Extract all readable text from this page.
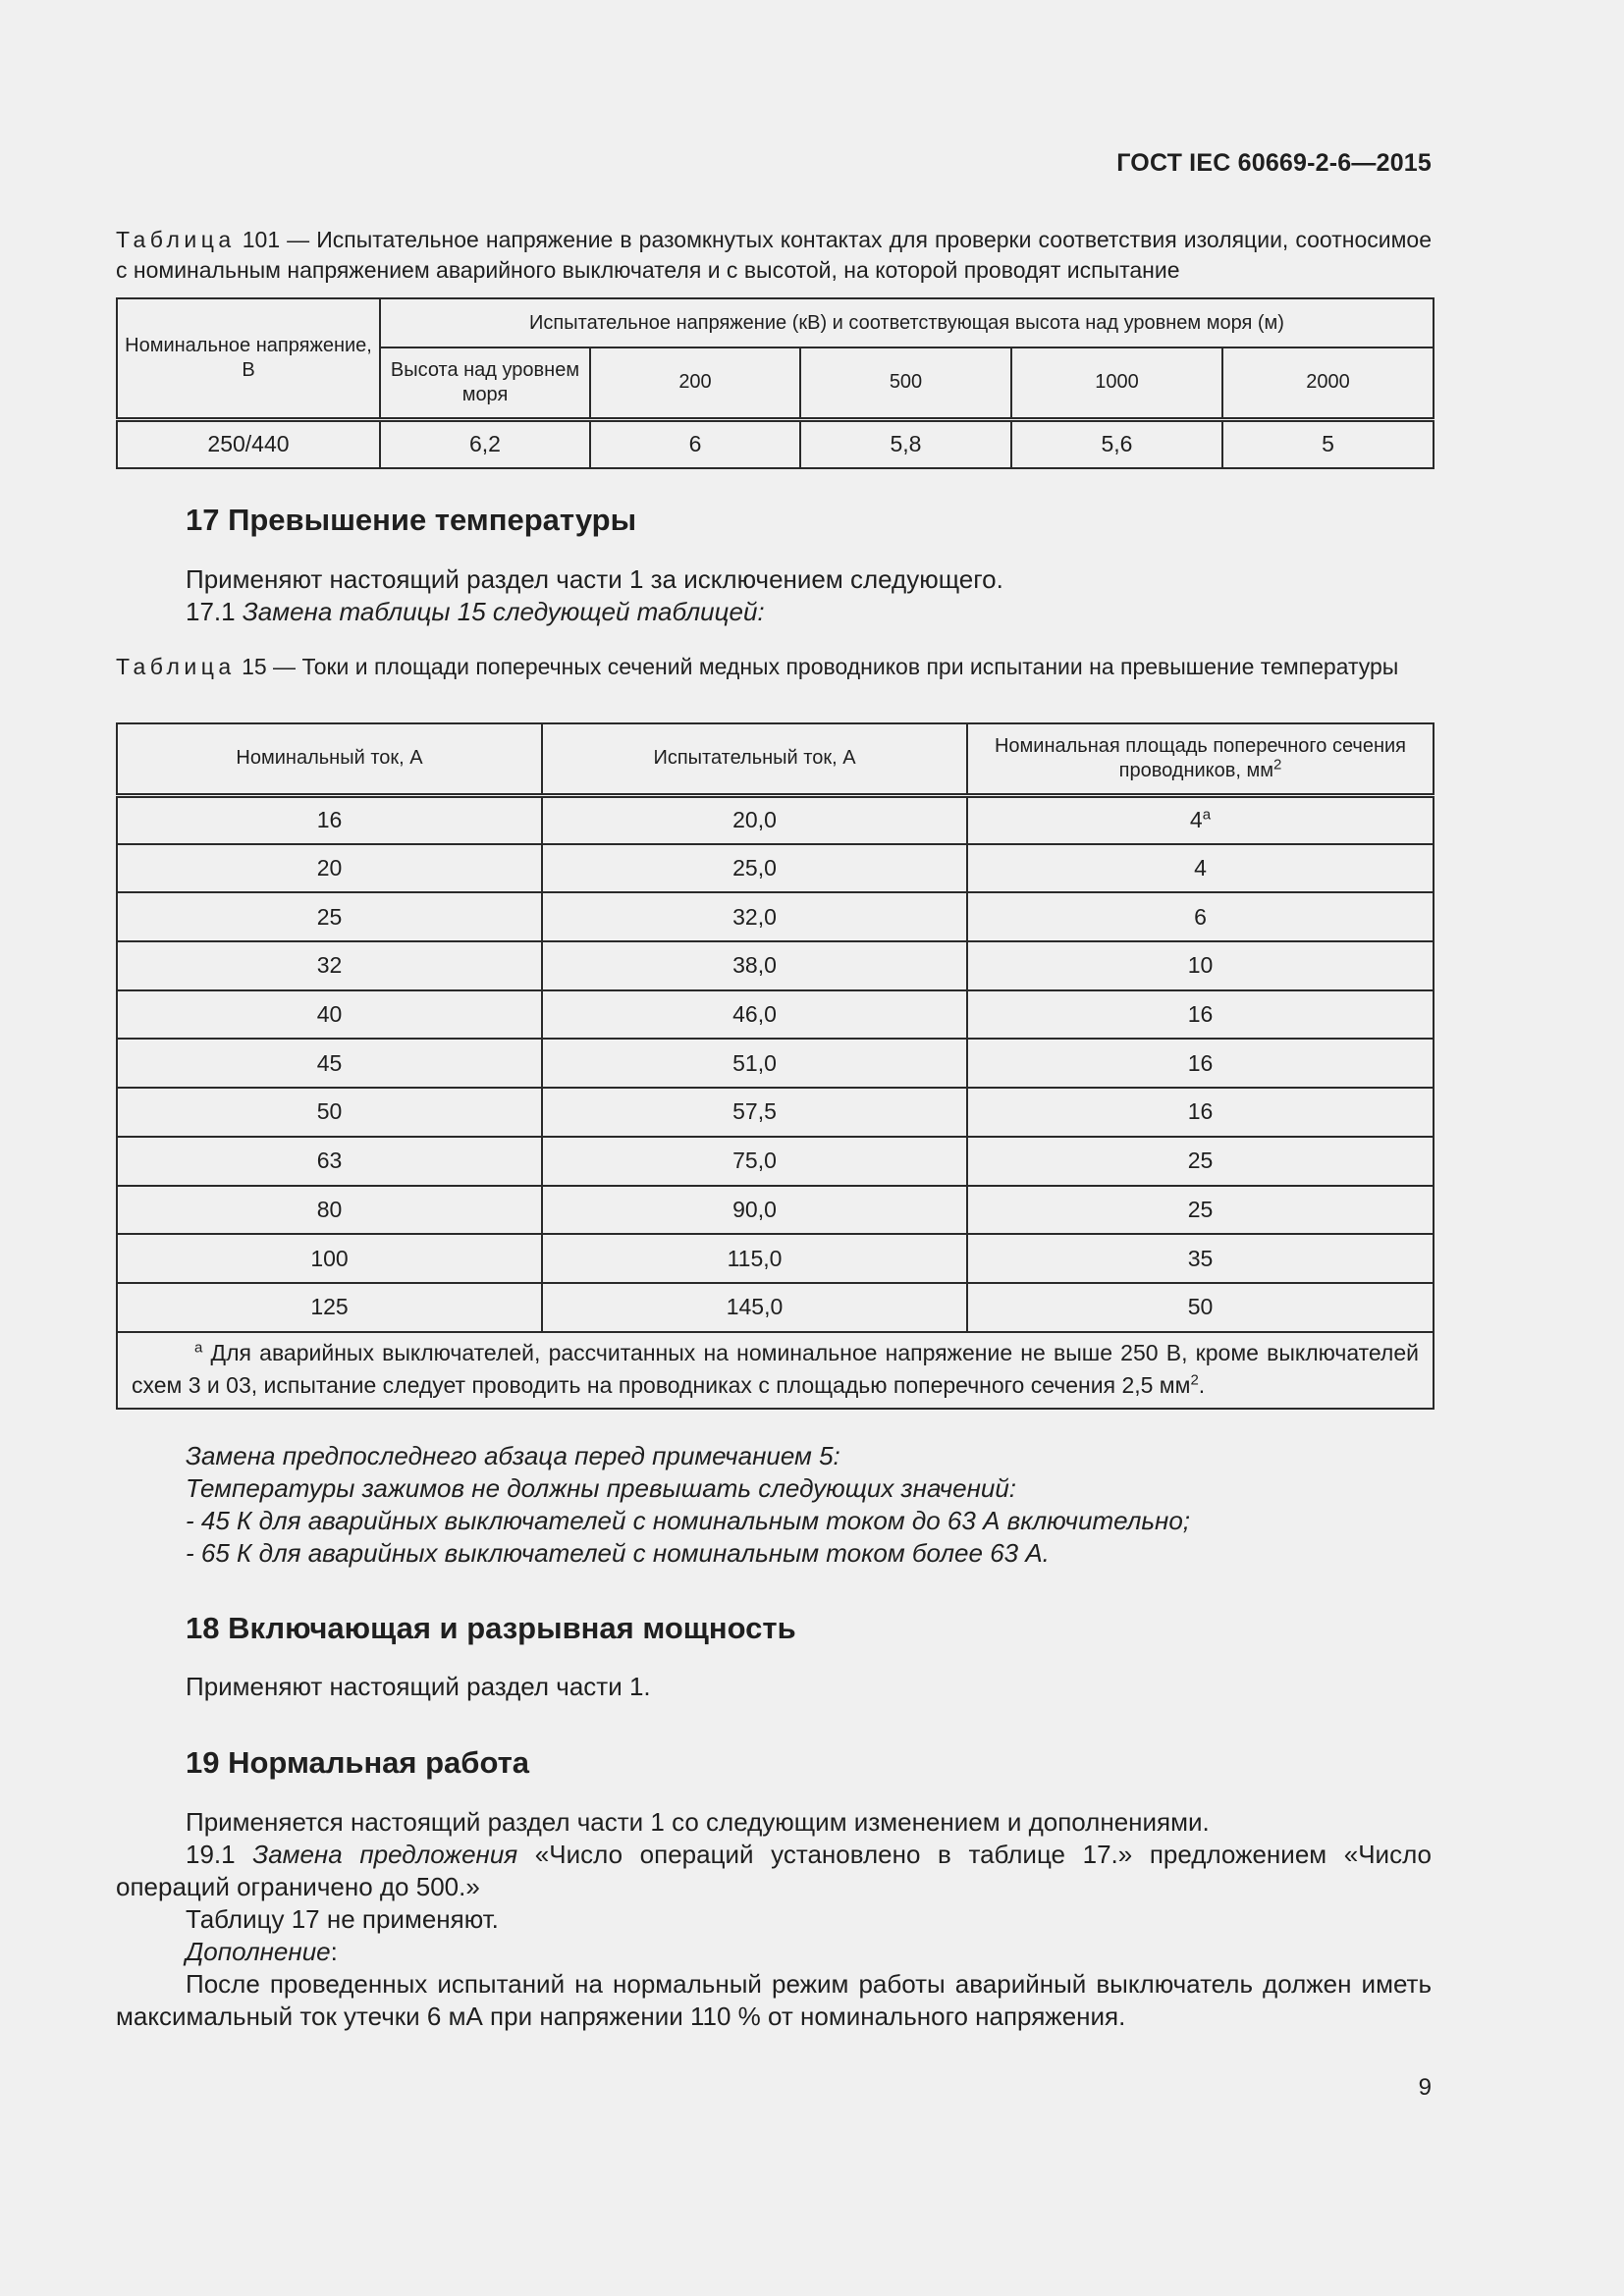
ГОСТ IEC 60669-2-6—2015
Таблица 101 — Испытательное напряжение в разомкнутых контактах для проверки соответствия изоляции, соотносимое с номинальным напряжением аварийного выключателя и с высотой, на которой проводят испытание
Номинальное напряжение, В	Испытательное напряжение (кВ) и соответствующая высота над уровнем моря (м)				
	Высота над уровнем моря	200	500	1000	2000
250/440	6,2	6	5,8	5,6	5
17 Превышение температуры
Применяют настоящий раздел части 1 за исключением следующего.
17.1 Замена таблицы 15 следующей таблицей:
Таблица 15 — Токи и площади поперечных сечений медных проводников при испытании на превышение температуры
Номинальный ток, А	Испытательный ток, А	Номинальная площадь поперечного сечения проводников, $мм^2$
16	20,0	$4^а$
20	25,0	4
25	32,0	6
32	38,0	10
40	46,0	16
45	51,0	16
50	57,5	16
63	75,0	25
80	90,0	25
100	115,0	35
125	145,0	50
$^а$ Для аварийных выключателей, рассчитанных на номинальное напряжение не выше 250 В, кроме выключателей схем 3 и 03, испытание следует проводить на проводниках с площадью поперечного сечения 2,5 $мм^2$.		
Замена предпоследнего абзаца перед примечанием 5:
Температуры зажимов не должны превышать следующих значений:
- 45 К для аварийных выключателей с номинальным током до 63 А включительно;
- 65 К для аварийных выключателей с номинальным током более 63 А.
18 Включающая и разрывная мощность
Применяют настоящий раздел части 1.
19 Нормальная работа
Применяется настоящий раздел части 1 со следующим изменением и дополнениями.
19.1 Замена предложения «Число операций установлено в таблице 17.» предложением «Число операций ограничено до 500.»
Таблицу 17 не применяют.
Дополнение:
После проведенных испытаний на нормальный режим работы аварийный выключатель должен иметь максимальный ток утечки 6 мА при напряжении 110 % от номинального напряжения.
9
